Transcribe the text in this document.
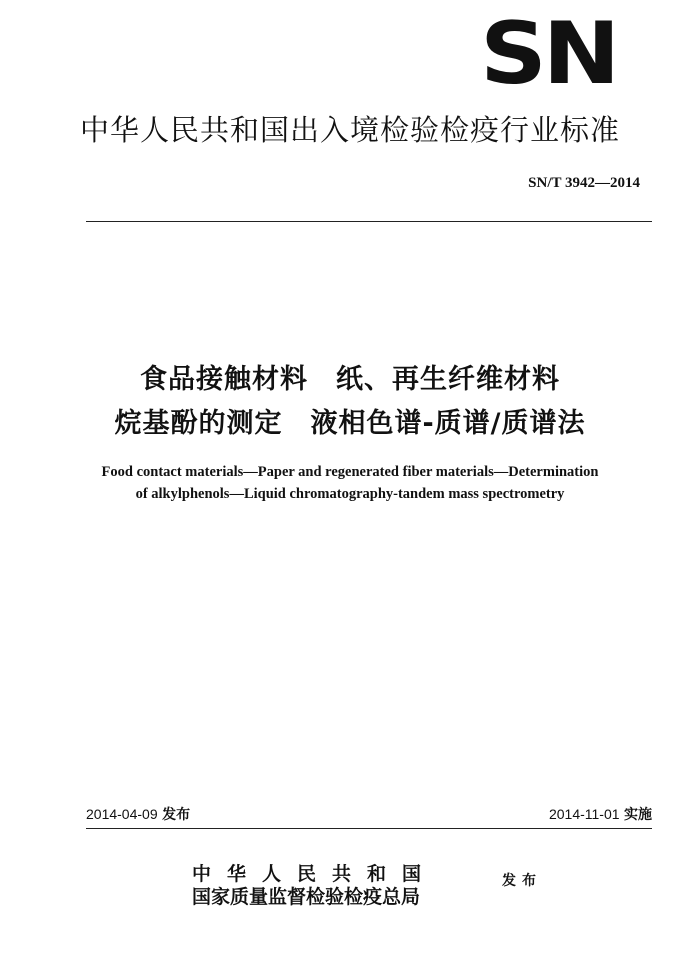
SN
中华人民共和国出入境检验检疫行业标准
SN/T 3942—2014
食品接触材料 纸、再生纤维材料
烷基酚的测定 液相色谱-质谱/质谱法
Food contact materials—Paper and regenerated fiber materials—Determination
of alkylphenols—Liquid chromatography-tandem mass spectrometry
2014-04-09 发布	2014-11-01 实施
中华人民共和国
国家质量监督检验检疫总局
发布
